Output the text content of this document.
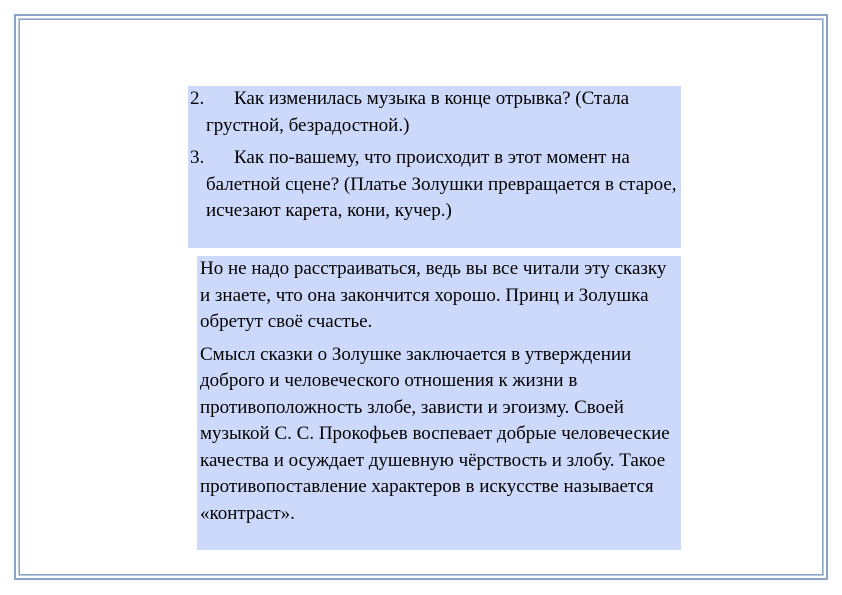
2.	Как изменилась музыка в конце отрывка? (Стала грустной, безрадостной.)
3.	Как по-вашему, что происходит в этот момент на балетной сцене? (Платье Золушки превращается в старое, исчезают карета, кони, кучер.)

Но не надо расстраиваться, ведь вы все читали эту сказку и знаете, что она закончится хорошо. Принц и Золушка обретут своё счастье.

Смысл сказки о Золушке заключается в утверждении доброго и человеческого отношения к жизни в противоположность злобе, зависти и эгоизму. Своей музыкой С. С. Прокофьев воспевает добрые человеческие качества и осуждает душевную чёрствость и злобу. Такое противопоставление характеров в искусстве называется «контраст».
